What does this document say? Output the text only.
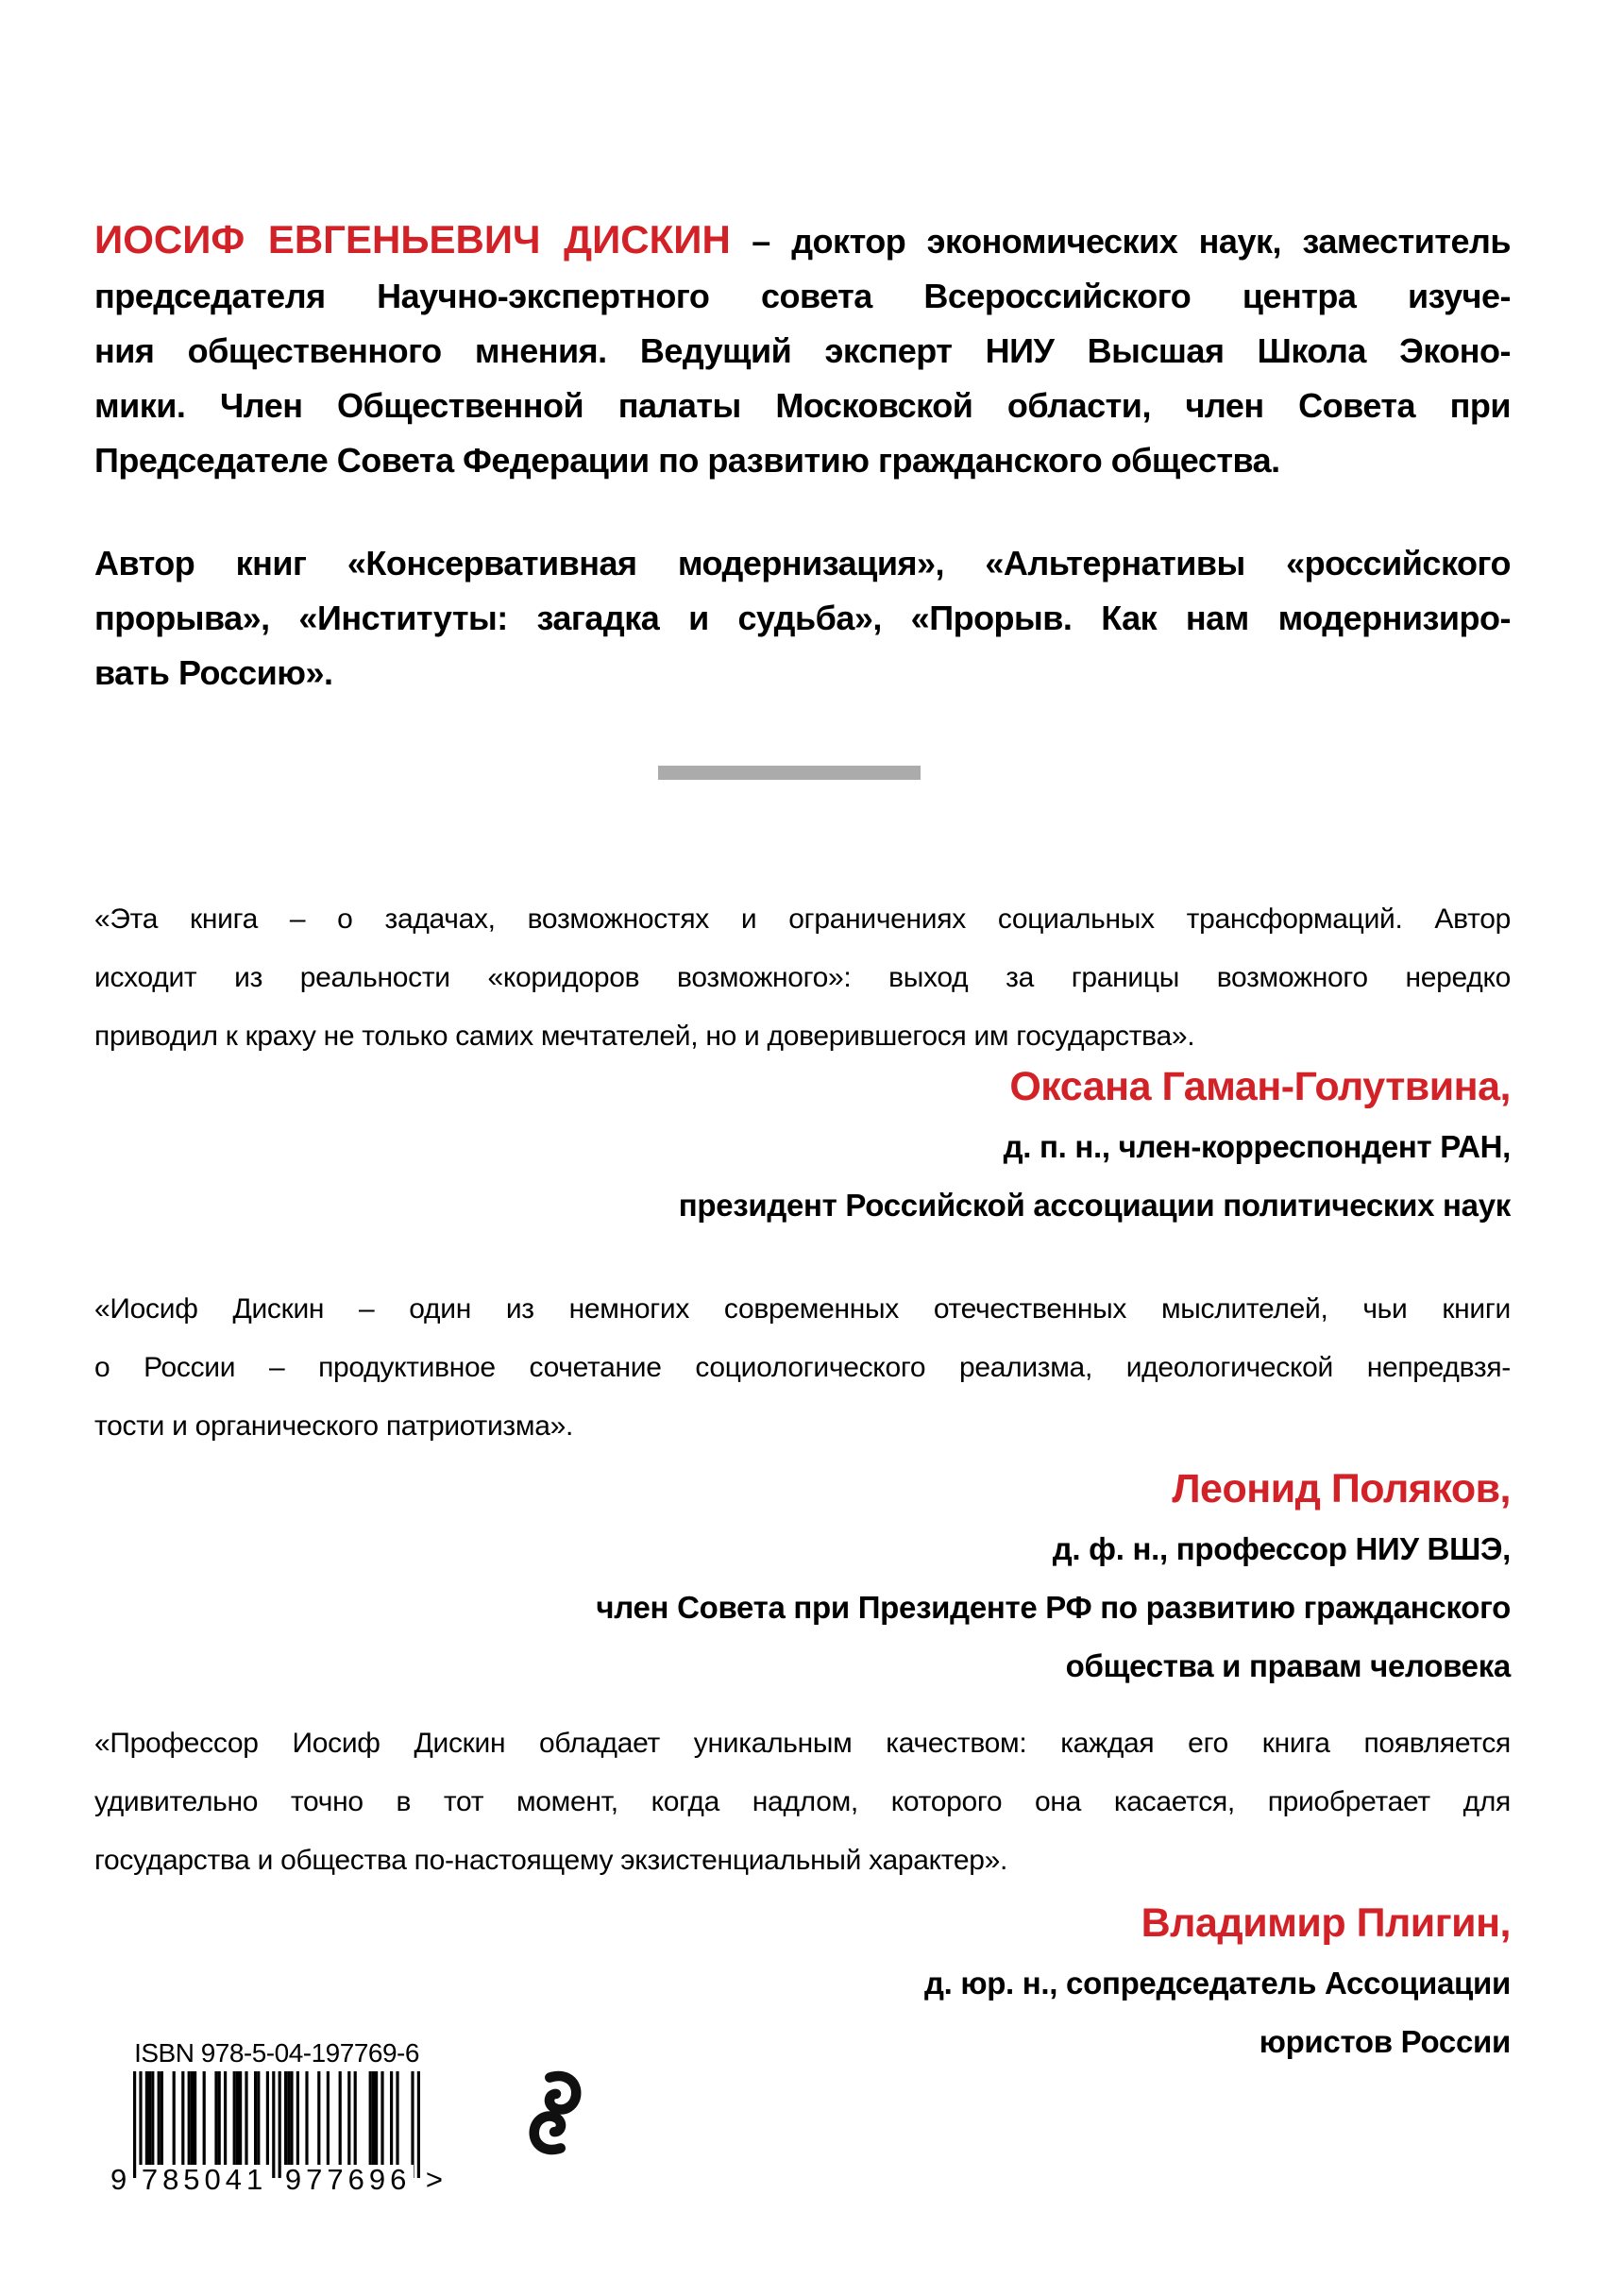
ИОСИФ ЕВГЕНЬЕВИЧ ДИСКИН – доктор экономических наук, заместитель
председателя Научно-экспертного совета Всероссийского центра изуче-
ния общественного мнения. Ведущий эксперт НИУ Высшая Школа Эконо-
мики. Член Общественной палаты Московской области, член Совета при
Председателе Совета Федерации по развитию гражданского общества.
Автор книг «Консервативная модернизация», «Альтернативы «российского
прорыва», «Институты: загадка и судьба», «Прорыв. Как нам модернизиро-
вать Россию».
«Эта книга – о задачах, возможностях и ограничениях социальных трансформаций. Автор
исходит из реальности «коридоров возможного»: выход за границы возможного нередко
приводил к краху не только самих мечтателей, но и доверившегося им государства».
Оксана Гаман-Голутвина,
д. п. н., член-корреспондент РАН,
президент Российской ассоциации политических наук
«Иосиф Дискин – один из немногих современных отечественных мыслителей, чьи книги
о России – продуктивное сочетание социологического реализма, идеологической непредвзя-
тости и органического патриотизма».
Леонид Поляков,
д. ф. н., профессор НИУ ВШЭ,
член Совета при Президенте РФ по развитию гражданского
общества и правам человека
«Профессор Иосиф Дискин обладает уникальным качеством: каждая его книга появляется
удивительно точно в тот момент, когда надлом, которого она касается, приобретает для
государства и общества по-настоящему экзистенциальный характер».
Владимир Плигин,
д. юр. н., сопредседатель Ассоциации
юристов России
ISBN 978-5-04-197769-6
9 785041 977696 >
